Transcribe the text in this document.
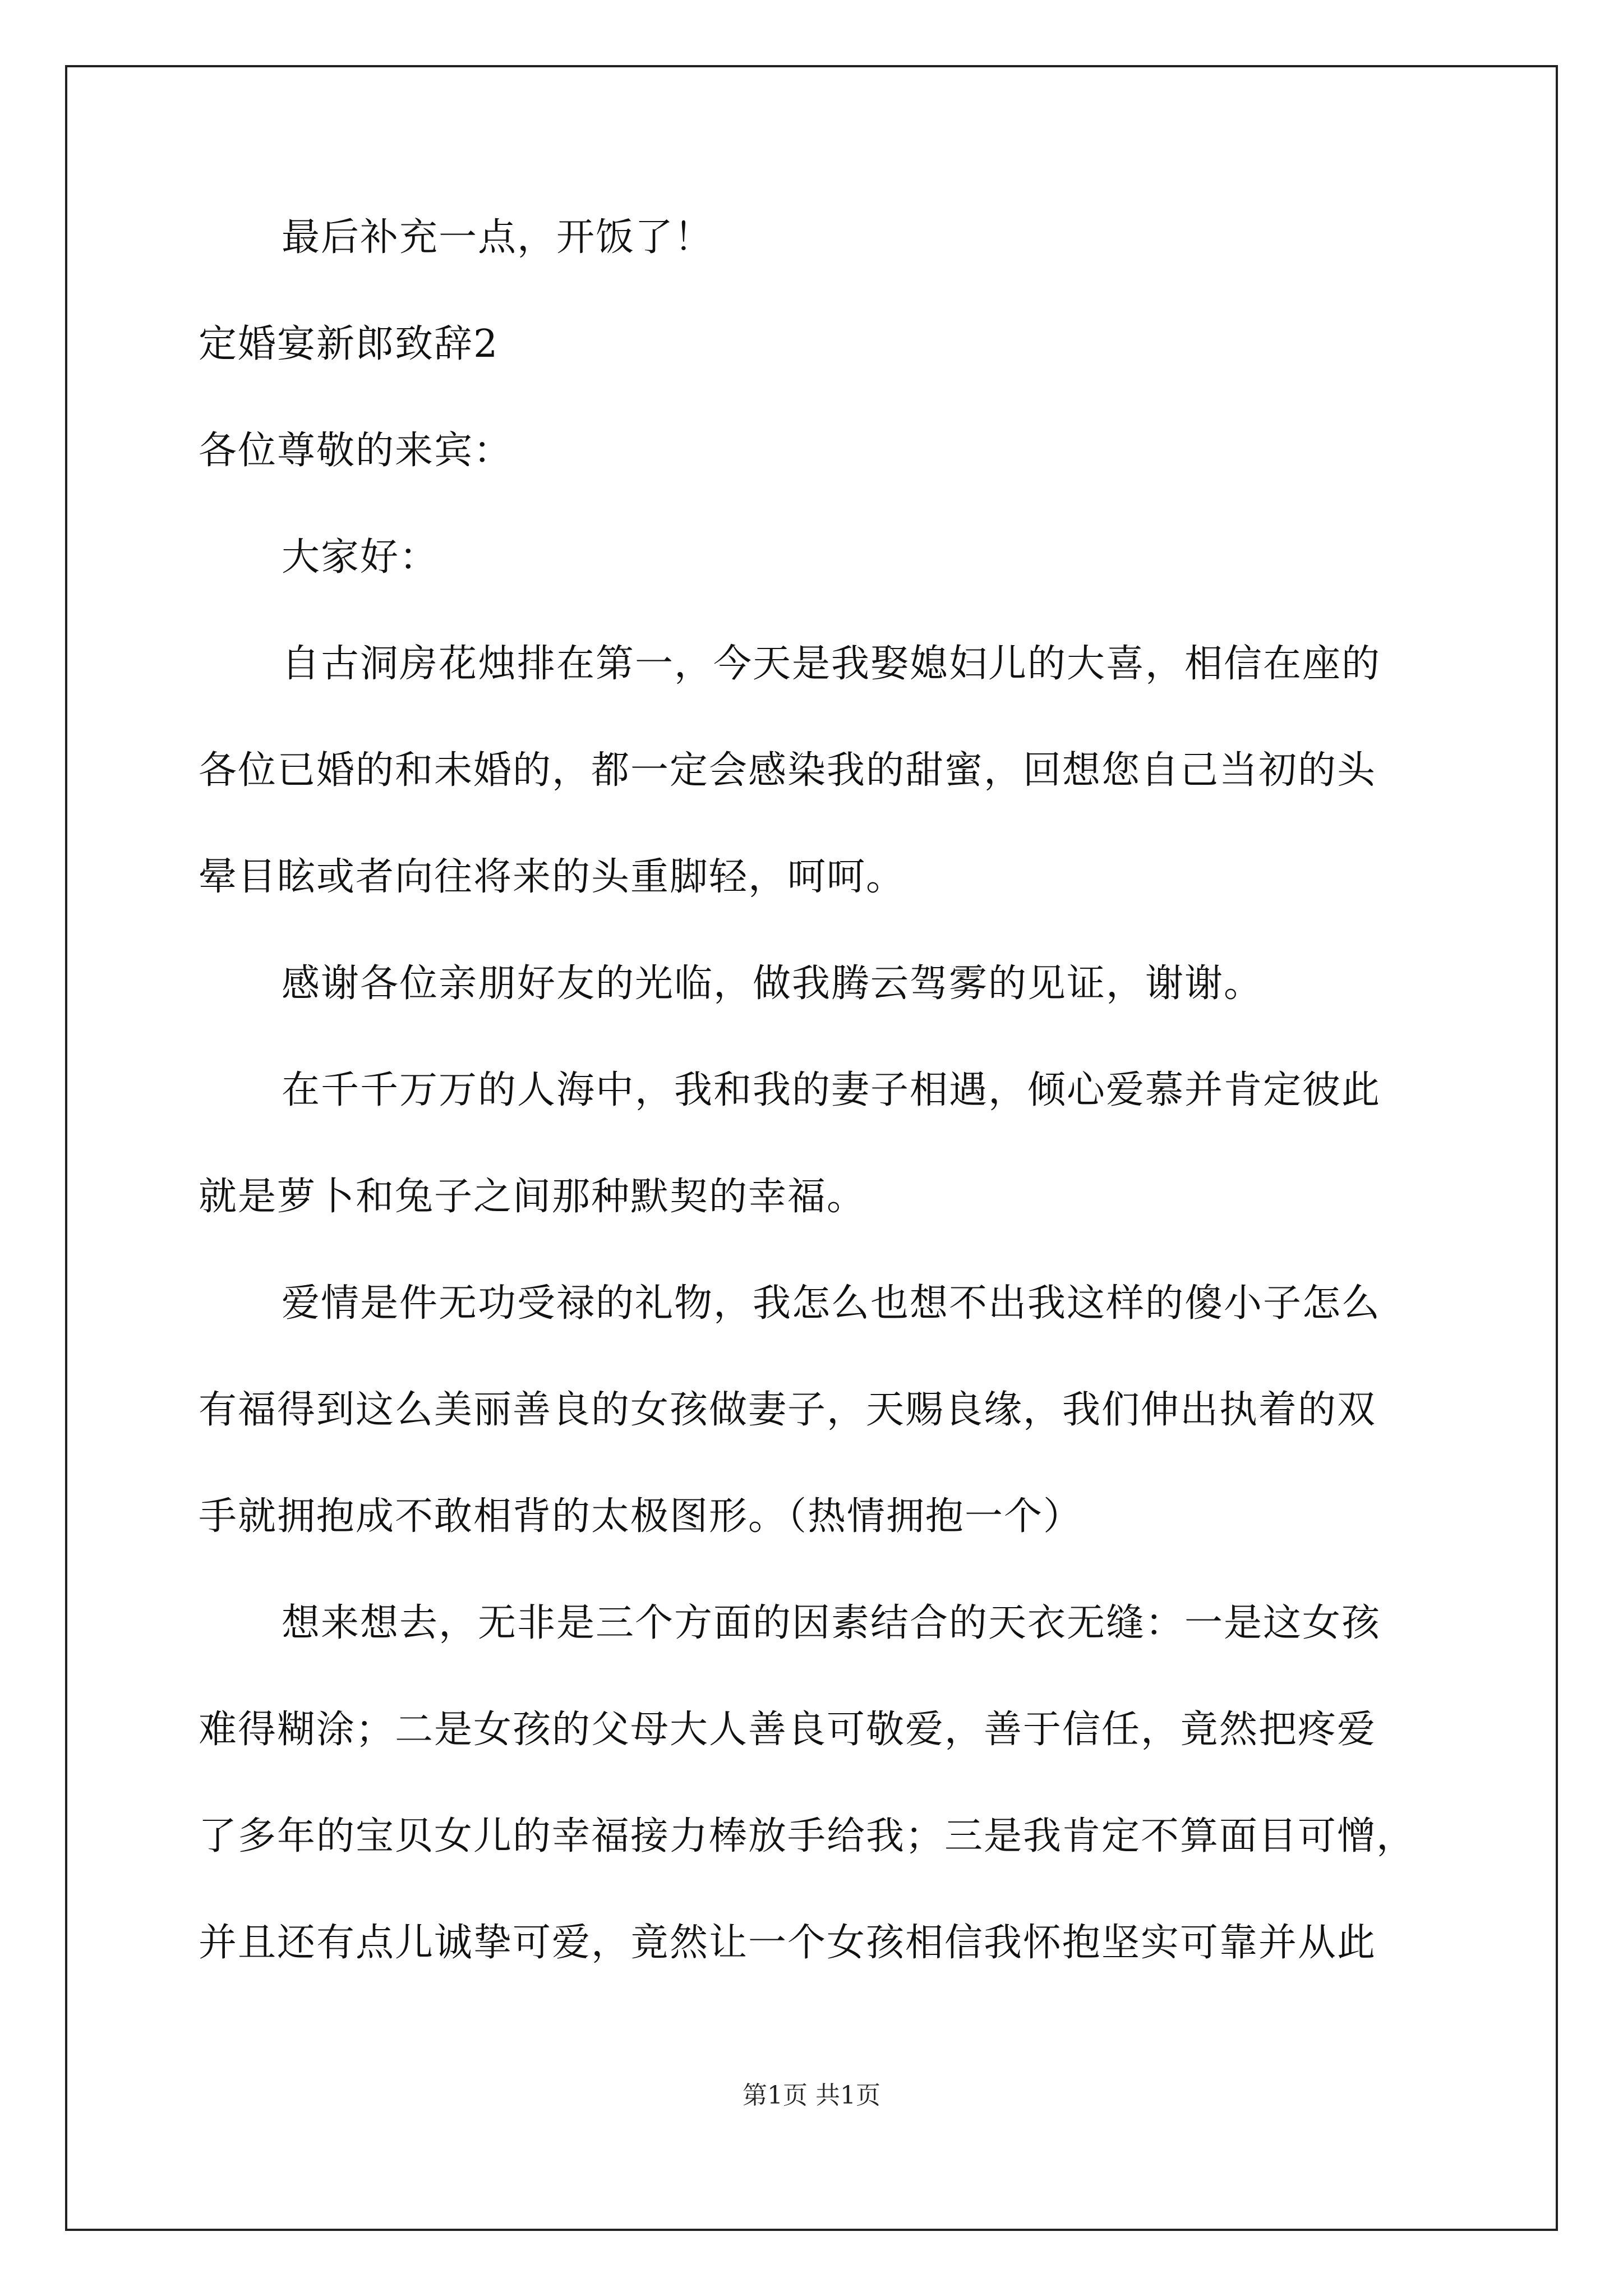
最后补充一点，开饭了！
定婚宴新郎致辞2
各位尊敬的来宾：
大家好：
自古洞房花烛排在第一，今天是我娶媳妇儿的大喜，相信在座的
各位已婚的和未婚的，都一定会感染我的甜蜜，回想您自己当初的头
晕目眩或者向往将来的头重脚轻，呵呵。
感谢各位亲朋好友的光临，做我腾云驾雾的见证，谢谢。
在千千万万的人海中，我和我的妻子相遇，倾心爱慕并肯定彼此
就是萝卜和兔子之间那种默契的幸福。
爱情是件无功受禄的礼物，我怎么也想不出我这样的傻小子怎么
有福得到这么美丽善良的女孩做妻子，天赐良缘，我们伸出执着的双
手就拥抱成不敢相背的太极图形。（热情拥抱一个）
想来想去，无非是三个方面的因素结合的天衣无缝：一是这女孩
难得糊涂；二是女孩的父母大人善良可敬爱，善于信任，竟然把疼爱
了多年的宝贝女儿的幸福接力棒放手给我；三是我肯定不算面目可憎，
并且还有点儿诚挚可爱，竟然让一个女孩相信我怀抱坚实可靠并从此
第1页 共1页
